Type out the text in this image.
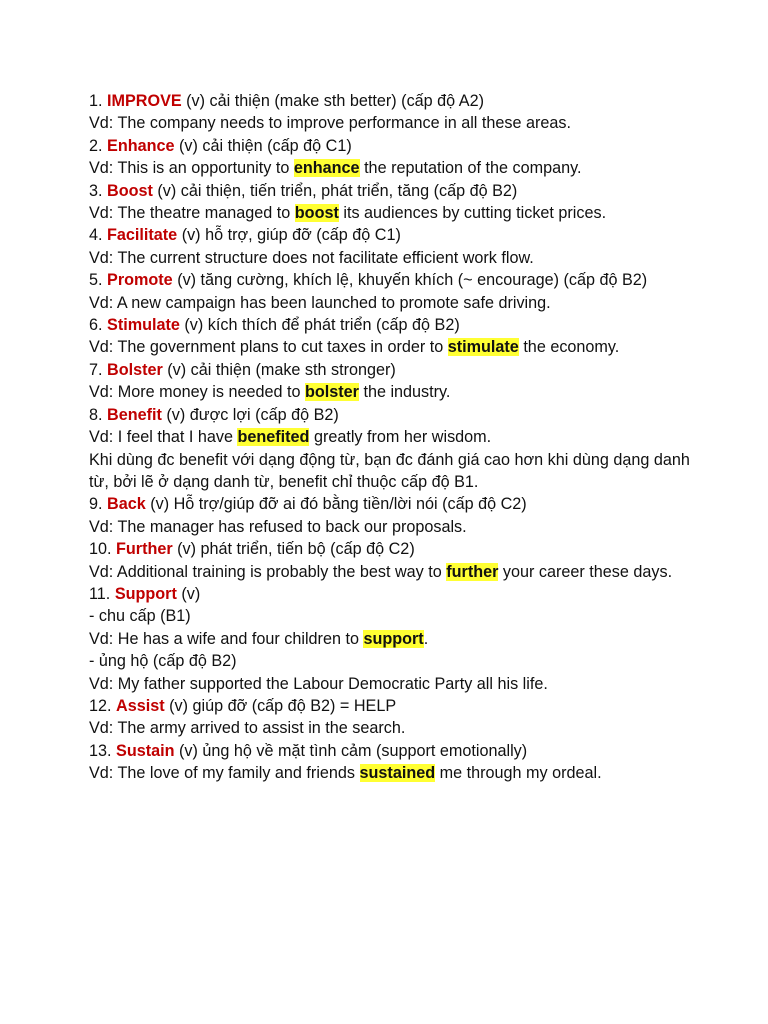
1. IMPROVE (v) cải thiện (make sth better) (cấp độ A2)
Vd: The company needs to improve performance in all these areas.
2. Enhance (v) cải thiện (cấp độ C1)
Vd: This is an opportunity to enhance the reputation of the company.
3. Boost (v) cải thiện, tiến triển, phát triển, tăng (cấp độ B2)
Vd: The theatre managed to boost its audiences by cutting ticket prices.
4. Facilitate (v) hỗ trợ, giúp đỡ (cấp độ C1)
Vd: The current structure does not facilitate efficient work flow.
5. Promote (v) tăng cường, khích lệ, khuyến khích (~ encourage) (cấp độ B2)
Vd: A new campaign has been launched to promote safe driving.
6. Stimulate (v) kích thích để phát triển (cấp độ B2)
Vd: The government plans to cut taxes in order to stimulate the economy.
7. Bolster (v) cải thiện (make sth stronger)
Vd: More money is needed to bolster the industry.
8. Benefit (v) được lợi (cấp độ B2)
Vd: I feel that I have benefited greatly from her wisdom.
Khi dùng đc benefit với dạng động từ, bạn đc đánh giá cao hơn khi dùng dạng danh từ, bởi lẽ ở dạng danh từ, benefit chỉ thuộc cấp độ B1.
9. Back (v) Hỗ trợ/giúp đỡ ai đó bằng tiền/lời nói (cấp độ C2)
Vd: The manager has refused to back our proposals.
10. Further (v) phát triển, tiến bộ (cấp độ C2)
Vd: Additional training is probably the best way to further your career these days.
11. Support (v)
- chu cấp (B1)
Vd: He has a wife and four children to support.
- ủng hộ (cấp độ B2)
Vd: My father supported the Labour Democratic Party all his life.
12. Assist (v) giúp đỡ (cấp độ B2) = HELP
Vd: The army arrived to assist in the search.
13. Sustain (v) ủng hộ về mặt tình cảm (support emotionally)
Vd: The love of my family and friends sustained me through my ordeal.
